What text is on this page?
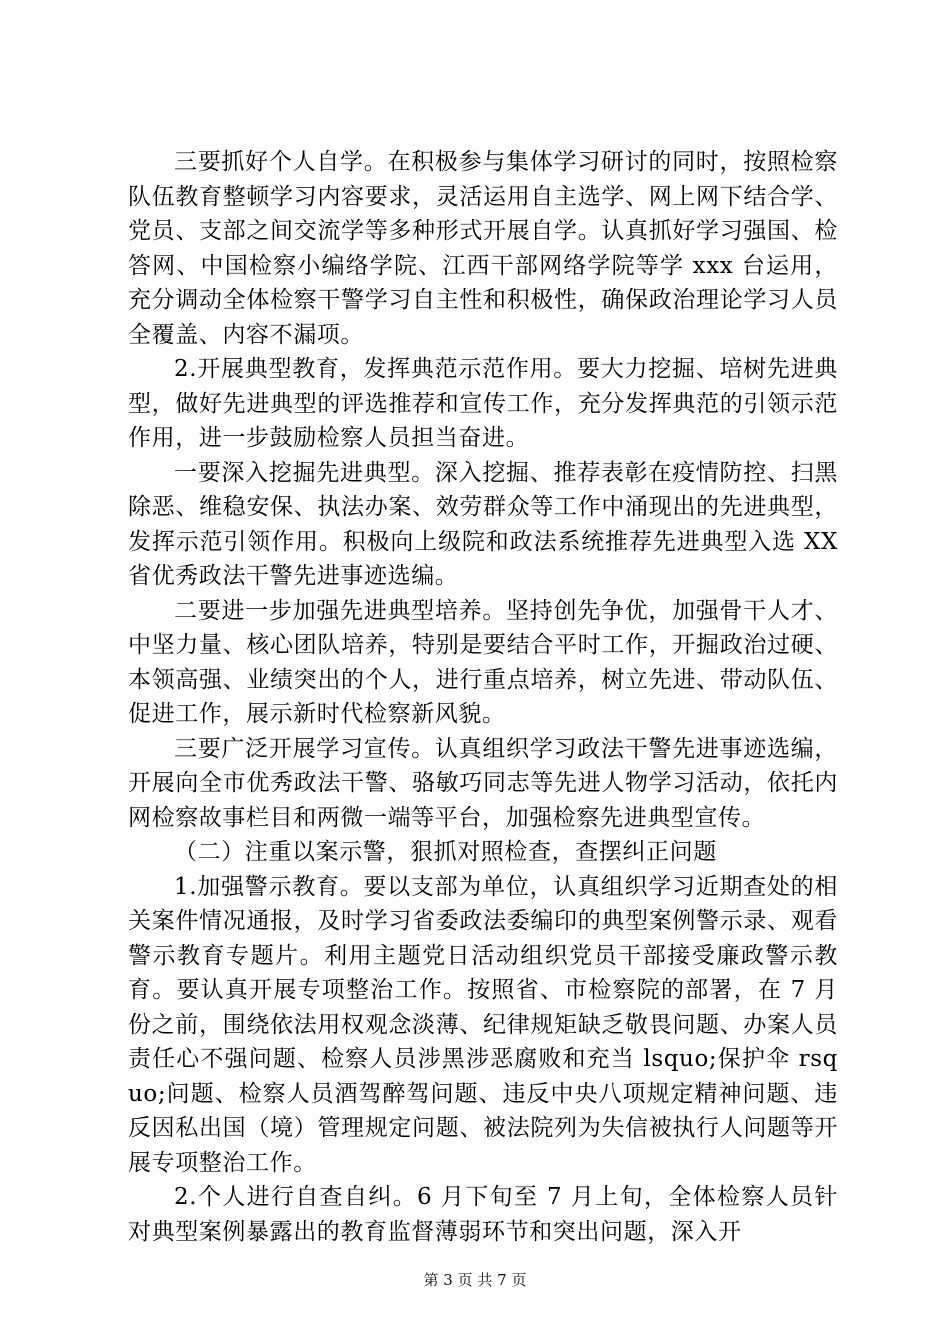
三要抓好个人自学。在积极参与集体学习研讨的同时，按照检察队伍教育整顿学习内容要求，灵活运用自主选学、网上网下结合学、党员、支部之间交流学等多种形式开展自学。认真抓好学习强国、检答网、中国检察小编络学院、江西干部网络学院等学 xxx 台运用，充分调动全体检察干警学习自主性和积极性，确保政治理论学习人员全覆盖、内容不漏项。

2.开展典型教育，发挥典范示范作用。要大力挖掘、培树先进典型，做好先进典型的评选推荐和宣传工作，充分发挥典范的引领示范作用，进一步鼓励检察人员担当奋进。

一要深入挖掘先进典型。深入挖掘、推荐表彰在疫情防控、扫黑除恶、维稳安保、执法办案、效劳群众等工作中涌现出的先进典型，发挥示范引领作用。积极向上级院和政法系统推荐先进典型入选 XX 省优秀政法干警先进事迹选编。

二要进一步加强先进典型培养。坚持创先争优，加强骨干人才、中坚力量、核心团队培养，特别是要结合平时工作，开掘政治过硬、本领高强、业绩突出的个人，进行重点培养，树立先进、带动队伍、促进工作，展示新时代检察新风貌。

三要广泛开展学习宣传。认真组织学习政法干警先进事迹选编，开展向全市优秀政法干警、骆敏巧同志等先进人物学习活动，依托内网检察故事栏目和两微一端等平台，加强检察先进典型宣传。

（二）注重以案示警，狠抓对照检查，查摆纠正问题

1.加强警示教育。要以支部为单位，认真组织学习近期查处的相关案件情况通报，及时学习省委政法委编印的典型案例警示录、观看警示教育专题片。利用主题党日活动组织党员干部接受廉政警示教育。要认真开展专项整治工作。按照省、市检察院的部署，在 7 月份之前，围绕依法用权观念淡薄、纪律规矩缺乏敬畏问题、办案人员责任心不强问题、检察人员涉黑涉恶腐败和充当 lsquo;保护伞 rsquo;问题、检察人员酒驾醉驾问题、违反中央八项规定精神问题、违反因私出国（境）管理规定问题、被法院列为失信被执行人问题等开展专项整治工作。

2.个人进行自查自纠。6 月下旬至 7 月上旬，全体检察人员针对典型案例暴露出的教育监督薄弱环节和突出问题，深入开

第 3 页 共 7 页
